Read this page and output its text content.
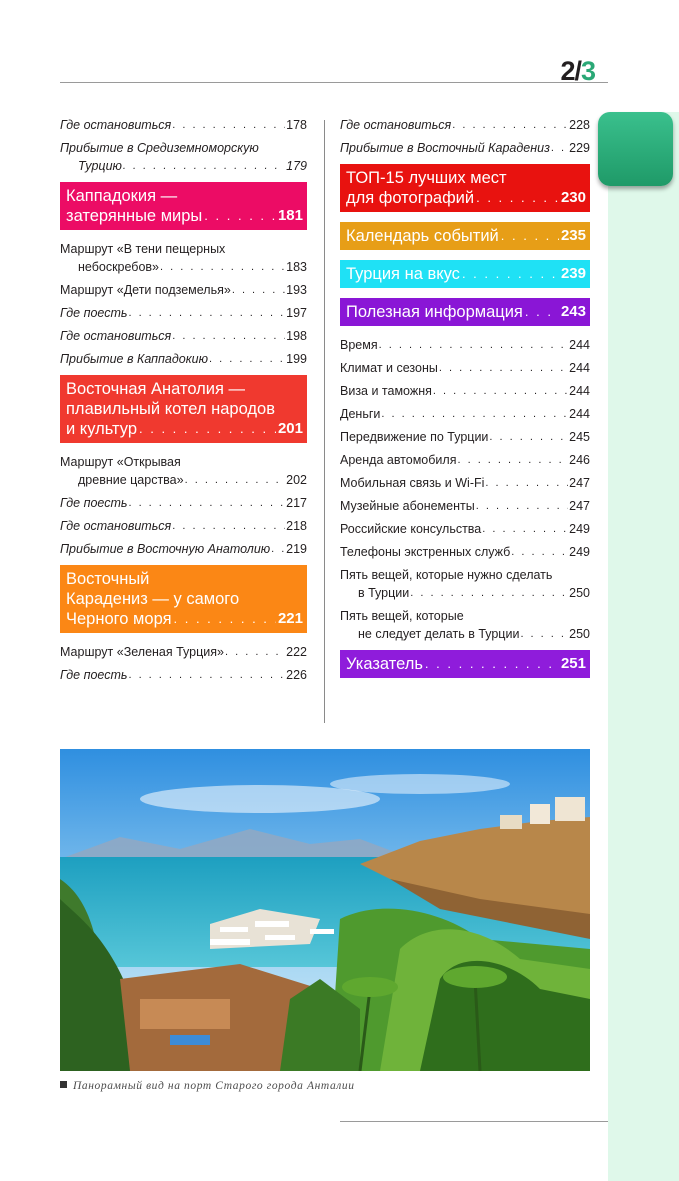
2/3
Где остановиться . . .	178
Прибытие в Средиземноморскую
Турцию . . .	179
Каппадокия —
затерянные миры . . .	181
Маршрут «В тени пещерных
небоскребов» . . .	183
Маршрут «Дети подземелья» . . .	193
Где поесть . . .	197
Где остановиться . . .	198
Прибытие в Каппадокию . . .	199
Восточная Анатолия —
плавильный котел народов
и культур . . .	201
Маршрут «Открывая
древние царства» . . .	202
Где поесть . . .	217
Где остановиться . . .	218
Прибытие в Восточную Анатолию . . . 219
Восточный
Карадениз — у самого
Черного моря . . .	221
Маршрут «Зеленая Турция» . . .	222
Где поесть . . .	226
Где остановиться . . .	228
Прибытие в Восточный Карадениз . . . 229
ТОП-15 лучших мест
для фотографий . . .	230
Календарь событий . . .	235
Турция на вкус . . .	239
Полезная информация . . .	243
Время . . .	244
Климат и сезоны . . .	244
Виза и таможня . . .	244
Деньги . . .	244
Передвижение по Турции . . .	245
Аренда автомобиля . . .	246
Мобильная связь и Wi-Fi . . .	247
Музейные абонементы . . .	247
Российские консульства . . .	249
Телефоны экстренных служб . . .	249
Пять вещей, которые нужно сделать
в Турции . . .	250
Пять вещей, которые
не следует делать в Турции . . .	250
Указатель . . .	251
Панорамный вид на порт Старого города Анталии
